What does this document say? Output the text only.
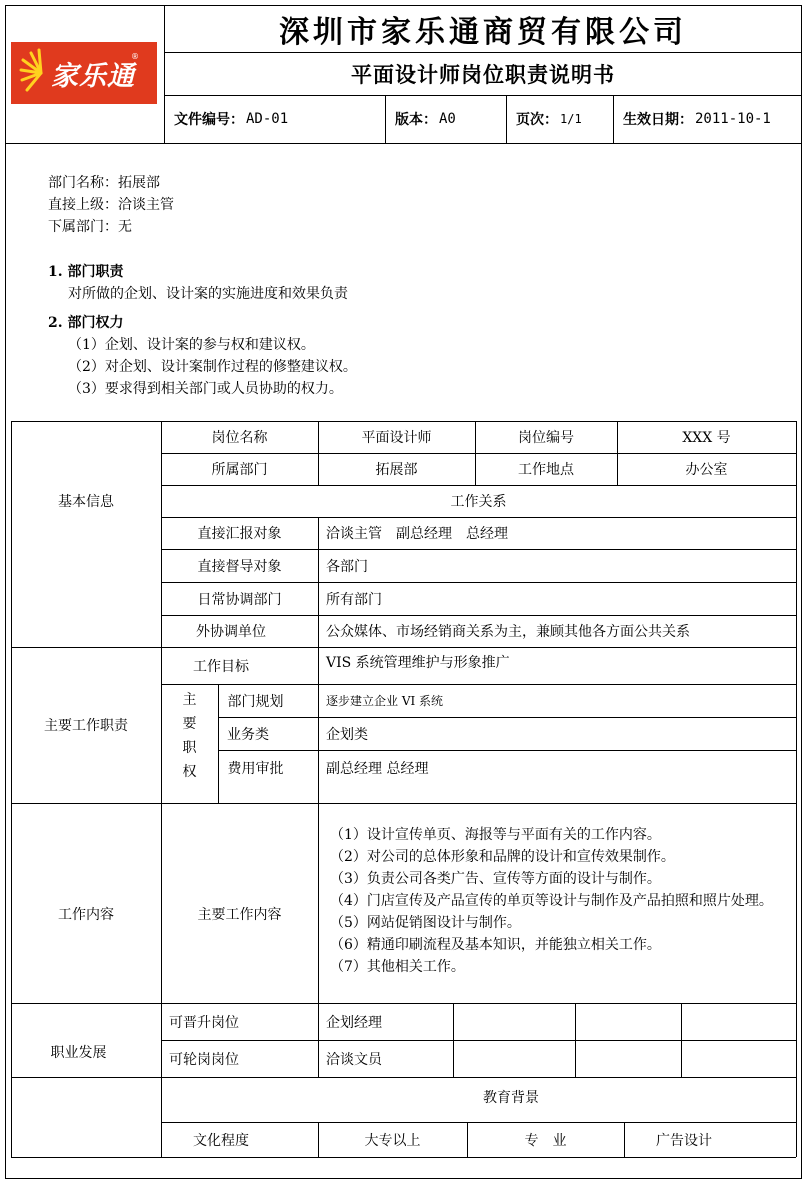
家乐通
®
深圳市家乐通商贸有限公司
平面设计师岗位职责说明书
文件编号： AD-01	版本： A0	页次： 1/1	生效日期： 2011-10-1
部门名称：拓展部
直接上级：洽谈主管
下属部门：无
1. 部门职责
对所做的企划、设计案的实施进度和效果负责
2. 部门权力
（1）企划、设计案的参与权和建议权。
（2）对企划、设计案制作过程的修整建议权。
（3）要求得到相关部门或人员协助的权力。
基本信息
岗位名称	平面设计师	岗位编号	XXX 号
所属部门	拓展部	工作地点	办公室
工作关系
直接汇报对象	洽谈主管　副总经理　总经理
直接督导对象	各部门
日常协调部门	所有部门
外协调单位	公众媒体、市场经销商关系为主，兼顾其他各方面公共关系
主要工作职责
工作目标	VIS 系统管理维护与形象推广
主
要
职
权
部门规划	逐步建立企业 VI 系统
业务类	企划类
费用审批	副总经理 总经理
工作内容	主要工作内容
（1）设计宣传单页、海报等与平面有关的工作内容。
（2）对公司的总体形象和品牌的设计和宣传效果制作。
（3）负责公司各类广告、宣传等方面的设计与制作。
（4）门店宣传及产品宣传的单页等设计与制作及产品拍照和照片处理。
（5）网站促销图设计与制作。
（6）精通印刷流程及基本知识，并能独立相关工作。
（7）其他相关工作。
职业发展
可晋升岗位	企划经理
可轮岗岗位	洽谈文员
教育背景
文化程度	大专以上	专　业	广告设计
